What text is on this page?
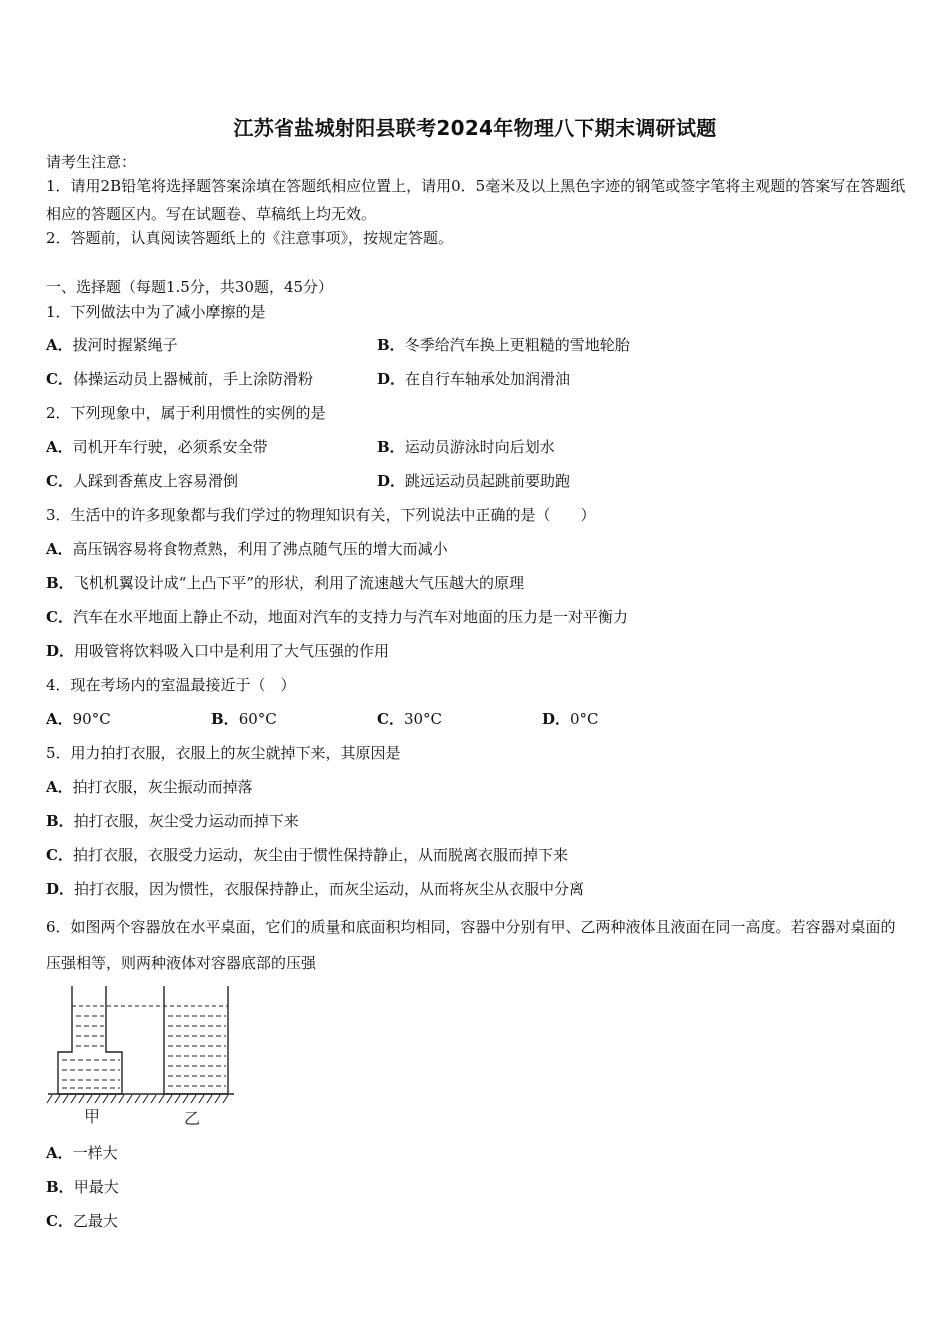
江苏省盐城射阳县联考2024年物理八下期末调研试题
请考生注意：
1．请用2B铅笔将选择题答案涂填在答题纸相应位置上，请用0．5毫米及以上黑色字迹的钢笔或签字笔将主观题的答案写在答题纸相应的答题区内。写在试题卷、草稿纸上均无效。
2．答题前，认真阅读答题纸上的《注意事项》，按规定答题。
一、选择题（每题1.5分，共30题，45分）
1．下列做法中为了减小摩擦的是
A．拔河时握紧绳子	B．冬季给汽车换上更粗糙的雪地轮胎
C．体操运动员上器械前，手上涂防滑粉	D．在自行车轴承处加润滑油
2．下列现象中，属于利用惯性的实例的是
A．司机开车行驶，必须系安全带	B．运动员游泳时向后划水
C．人踩到香蕉皮上容易滑倒	D．跳远运动员起跳前要助跑
3．生活中的许多现象都与我们学过的物理知识有关，下列说法中正确的是（　　）
A．高压锅容易将食物煮熟，利用了沸点随气压的增大而减小
B．飞机机翼设计成“上凸下平”的形状，利用了流速越大气压越大的原理
C．汽车在水平地面上静止不动，地面对汽车的支持力与汽车对地面的压力是一对平衡力
D．用吸管将饮料吸入口中是利用了大气压强的作用
4．现在考场内的室温最接近于（　）
A．90°C	B．60°C	C．30°C	D．0°C
5．用力拍打衣服，衣服上的灰尘就掉下来，其原因是
A．拍打衣服，灰尘振动而掉落
B．拍打衣服，灰尘受力运动而掉下来
C．拍打衣服，衣服受力运动，灰尘由于惯性保持静止，从而脱离衣服而掉下来
D．拍打衣服，因为惯性，衣服保持静止，而灰尘运动，从而将灰尘从衣服中分离
6．如图两个容器放在水平桌面，它们的质量和底面积均相同，容器中分别有甲、乙两种液体且液面在同一高度。若容器对桌面的压强相等，则两种液体对容器底部的压强
甲	乙
A．一样大
B．甲最大
C．乙最大
